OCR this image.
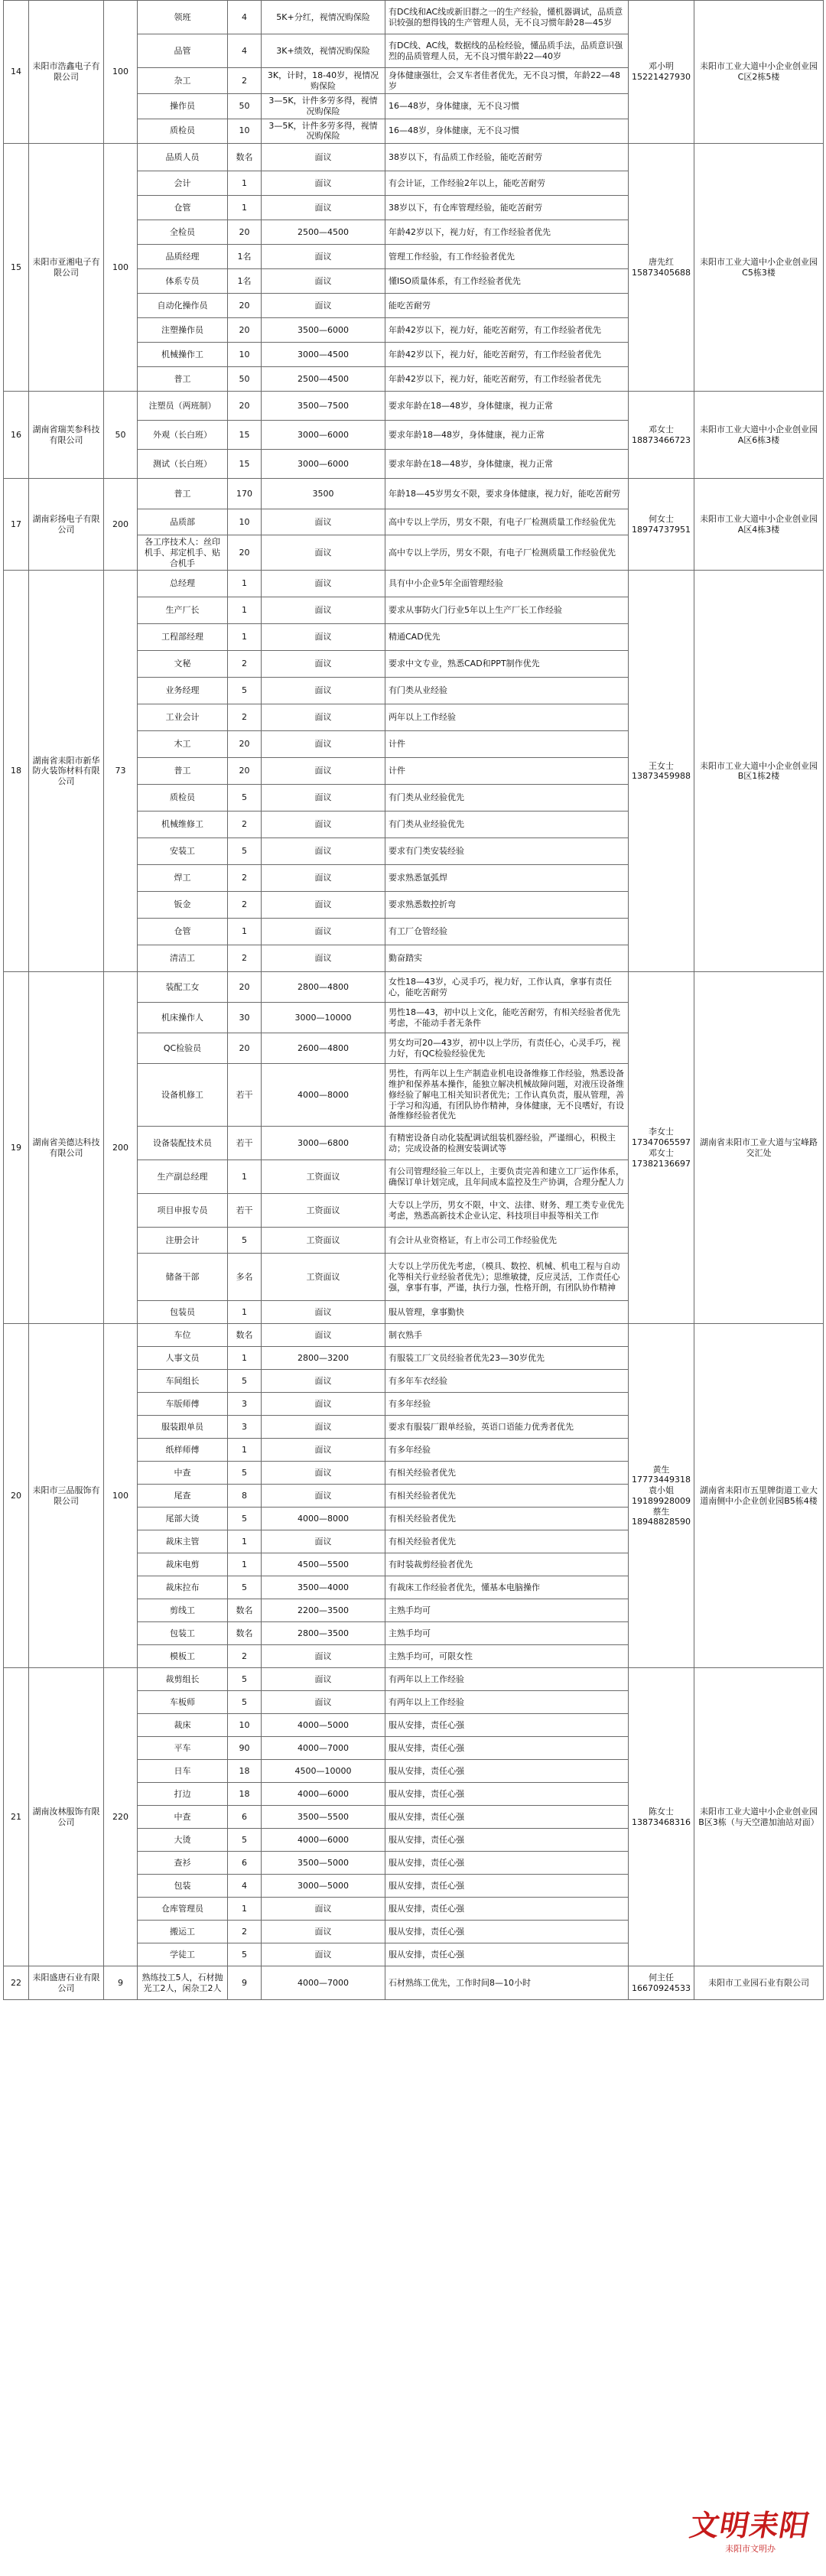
14	耒阳市浩鑫电子有限公司	100	领班	4	5K+分红，视情况购保险	有DC线和AC线或新旧群之一的生产经验，懂机器调试，品质意识较强的想得钱的生产管理人员，无不良习惯年龄28—45岁	邓小明 15221427930	耒阳市工业大道中小企业创业园C区2栋5楼
			品管	4	3K+绩效，视情况购保险	有DC线、AC线，数据线的品检经验，懂品质手法，品质意识强烈的品质管理人员，无不良习惯年龄22—40岁		
			杂工	2	3K，计时，18-40岁，视情况购保险	身体健康强壮，会叉车者佳者优先，无不良习惯，年龄22—48岁		
			操作员	50	3—5K，计件多劳多得，视情况购保险	16—48岁，身体健康，无不良习惯		
			质检员	10	3—5K，计件多劳多得，视情况购保险	16—48岁，身体健康，无不良习惯		
15	耒阳市亚湘电子有限公司	100	品质人员	数名	面议	38岁以下，有品质工作经验，能吃苦耐劳	唐先红 15873405688	耒阳市工业大道中小企业创业园C5栋3楼
			会计	1	面议	有会计证，工作经验2年以上，能吃苦耐劳		
			仓管	1	面议	38岁以下，有仓库管理经验，能吃苦耐劳		
			全检员	20	2500—4500	年龄42岁以下，视力好，有工作经验者优先		
			品质经理	1名	面议	管理工作经验，有工作经验者优先		
			体系专员	1名	面议	懂ISO质量体系，有工作经验者优先		
			自动化操作员	20	面议	能吃苦耐劳		
			注塑操作员	20	3500—6000	年龄42岁以下，视力好，能吃苦耐劳，有工作经验者优先		
			机械操作工	10	3000—4500	年龄42岁以下，视力好，能吃苦耐劳，有工作经验者优先		
			普工	50	2500—4500	年龄42岁以下，视力好，能吃苦耐劳，有工作经验者优先		
16	湖南省瑞芙参科技有限公司	50	注塑员（两班制）	20	3500—7500	要求年龄在18—48岁，身体健康，视力正常	邓女士 18873466723	耒阳市工业大道中小企业创业园A区6栋3楼
			外观（长白班）	15	3000—6000	要求年龄18—48岁，身体健康，视力正常		
			测试（长白班）	15	3000—6000	要求年龄在18—48岁，身体健康，视力正常		
17	湖南彩扬电子有限公司	200	普工	170	3500	年龄18—45岁男女不限，要求身体健康，视力好，能吃苦耐劳	何女士 18974737951	耒阳市工业大道中小企业创业园A区4栋3楼
			品质部	10	面议	高中专以上学历，男女不限，有电子厂检测质量工作经验优先		
			各工序技术人：丝印机手、邦定机手、贴合机手	20	面议	高中专以上学历，男女不限，有电子厂检测质量工作经验优先		
18	湖南省耒阳市新华防火装饰材料有限公司	73	总经理	1	面议	具有中小企业5年全面管理经验	王女士 13873459988	耒阳市工业大道中小企业创业园B区1栋2楼
			生产厂长	1	面议	要求从事防火门行业5年以上生产厂长工作经验		
			工程部经理	1	面议	精通CAD优先		
			文秘	2	面议	要求中文专业，熟悉CAD和PPT制作优先		
			业务经理	5	面议	有门类从业经验		
			工业会计	2	面议	两年以上工作经验		
			木工	20	面议	计件		
			普工	20	面议	计件		
			质检员	5	面议	有门类从业经验优先		
			机械维修工	2	面议	有门类从业经验优先		
			安装工	5	面议	要求有门类安装经验		
			焊工	2	面议	要求熟悉氩弧焊		
			钣金	2	面议	要求熟悉数控折弯		
			仓管	1	面议	有工厂仓管经验		
			清洁工	2	面议	勤奋踏实		
19	湖南省美德达科技有限公司	200	装配工女	20	2800—4800	女性18—43岁，心灵手巧，视力好，工作认真，拿事有责任心，能吃苦耐劳	李女士 17347065597 邓女士 17382136697	湖南省耒阳市工业大道与宝峰路交汇处
			机床操作人	30	3000—10000	男性18—43，初中以上文化，能吃苦耐劳，有相关经验者优先考虑，不能动手者无条件		
			QC检验员	20	2600—4800	男女均可20—43岁，初中以上学历，有责任心，心灵手巧，视力好，有QC检验经验优先		
			设备机修工	若干	4000—8000	男性，有两年以上生产制造业机电设备维修工作经验，熟悉设备维护和保养基本操作，能独立解决机械故障问题，对液压设备维修经验了解电工相关知识者优先；工作认真负责，服从管理，善于学习和沟通，有团队协作精神，身体健康，无不良嗜好，有设备维修经验者优先		
			设备装配技术员	若干	3000—6800	有精密设备自动化装配调试组装机器经验，严谨细心，积极主动；完成设备的检测安装调试等		
			生产副总经理	1	工资面议	有公司管理经验三年以上，主要负责完善和建立工厂运作体系，确保订单计划完成，且年间成本监控及生产协调，合理分配人力		
			项目申报专员	若干	工资面议	大专以上学历，男女不限，中文、法律、财务、理工类专业优先考虑，熟悉高新技术企业认定、科技项目申报等相关工作		
			注册会计	5	工资面议	有会计从业资格证，有上市公司工作经验优先		
			储备干部	多名	工资面议	大专以上学历优先考虑，（模具、数控、机械、机电工程与自动化等相关行业经验者优先）；思维敏捷，反应灵活，工作责任心强，拿事有事，严谨，执行力强，性格开朗，有团队协作精神		
			包装员	1	面议	服从管理，拿事勤快		
20	耒阳市三品服饰有限公司	100	车位	数名	面议	制衣熟手	黄生 17773449318 袁小姐 19189928009 蔡生 18948828590	湖南省耒阳市五里牌街道工业大道南侧中小企业创业园B5栋4楼
			人事文员	1	2800—3200	有服装工厂文员经验者优先23—30岁优先		
			车间组长	5	面议	有多年车衣经验		
			车版师傅	3	面议	有多年经验		
			服装跟单员	3	面议	要求有服装厂跟单经验，英语口语能力优秀者优先		
			纸样师傅	1	面议	有多年经验		
			中查	5	面议	有相关经验者优先		
			尾查	8	面议	有相关经验者优先		
			尾部大烫	5	4000—8000	有相关经验者优先		
			裁床主管	1	面议	有相关经验者优先		
			裁床电剪	1	4500—5500	有时装裁剪经验者优先		
			裁床拉布	5	3500—4000	有裁床工作经验者优先，懂基本电脑操作		
			剪线工	数名	2200—3500	主熟手均可		
			包装工	数名	2800—3500	主熟手均可		
			模板工	2	面议	主熟手均可，可限女性		
21	湖南汝林服饰有限公司	220	裁剪组长	5	面议	有两年以上工作经验	陈女士 13873468316	耒阳市工业大道中小企业创业园B区3栋（与天空港加油站对面）
			车板师	5	面议	有两年以上工作经验		
			裁床	10	4000—5000	服从安排，责任心强		
			平车	90	4000—7000	服从安排，责任心强		
			日车	18	4500—10000	服从安排，责任心强		
			打边	18	4000—6000	服从安排，责任心强		
			中查	6	3500—5500	服从安排，责任心强		
			大烫	5	4000—6000	服从安排，责任心强		
			查衫	6	3500—5000	服从安排，责任心强		
			包装	4	3000—5000	服从安排，责任心强		
			仓库管理员	1	面议	服从安排，责任心强		
			搬运工	2	面议	服从安排，责任心强		
			学徒工	5	面议	服从安排，责任心强		
22	耒阳盛唐石业有限公司	9	熟练技工5人，石材抛光工2人，闲杂工2人	9	4000—7000	石材熟练工优先，工作时间8—10小时	何主任 16670924533	耒阳市工业园石业有限公司
文明耒阳
耒阳市文明办
